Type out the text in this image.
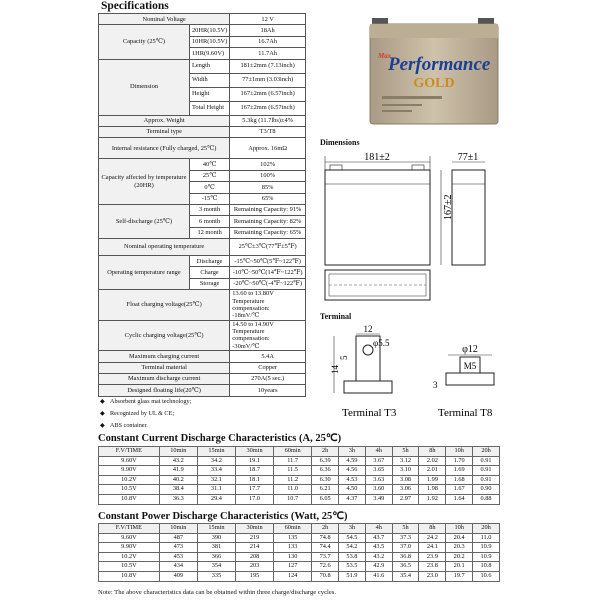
Specifications
Nominal Voltage		12 V
Capacity (25℃)	20HR(10.5V)	18Ah
	10HR(10.5V)	16.7Ah
	1HR(9.60V)	11.7Ah
Dimension	Length	181±2mm (7.13inch)
	Width	77±1mm (3.03inch)
	Height	167±2mm (6.57inch)
	Total Height	167±2mm (6.57inch)
Approx. Weight		5.3kg (11.7lbs)±4%
Terminal type		T3/T8
Internal resistance (Fully charged, 25℃)		Approx. 16mΩ
Capacity affected by temperature (20HR)	40℃	102%
	25℃	100%
	0℃	85%
	-15℃	65%
Self-discharge (25℃)	3 month	Remaining Capacity: 91%
	6 month	Remaining Capacity: 82%
	12 month	Remaining Capacity: 65%
Nominal operating temperature		25℃±3℃(77℉±5℉)
Operating temperature range	Discharge	-15℃~50℃(5℉~122℉)
	Charge	-10℃~50℃(14℉~122℉)
	Storage	-20℃~50℃(-4℉~122℉)
Float charging voltage(25℃)		13.60 to 13.80V
Temperature compensation:
-18mV/℃
Cyclic charging voltage(25℃)		14.50 to 14.90V
Temperature compensation:
-30mV/℃
Maximum charging current		5.4A
Terminal material		Copper
Maximum discharge current		270A(5 sec.)
Designed floating life(20℃)		10years
◆ Absorbent glass mat technology;
◆ Recognized by UL & CE;
◆ ABS container.
Max
Performance
GOLD
Dimensions
181±2	77±1
167±2
Terminal
12
φ5.5
14
5
Terminal T3
φ12
M5
3
Terminal T8
Constant Current Discharge Characteristics (A, 25℃)
F.V/TIME	10min	15min	30min	60min	2h	3h	4h	5h	8h	10h	20h
9.60V	43.2	34.2	19.1	11.7	6.39	4.59	3.67	3.12	2.02	1.70	0.91
9.90V	41.9	33.4	18.7	11.5	6.36	4.56	3.65	3.10	2.01	1.69	0.91
10.2V	40.2	32.1	18.1	11.2	6.30	4.53	3.63	3.08	1.99	1.68	0.91
10.5V	38.4	31.1	17.7	11.0	6.21	4.50	3.60	3.06	1.98	1.67	0.90
10.8V	36.3	29.4	17.0	10.7	6.05	4.37	3.49	2.97	1.92	1.64	0.88
Constant Power Discharge Characteristics (Watt, 25℃)
F.V/TIME	10min	15min	30min	60min	2h	3h	4h	5h	8h	10h	20h
9.60V	487	390	219	135	74.8	54.5	43.7	37.3	24.2	20.4	11.0
9.90V	473	381	214	133	74.4	54.2	43.5	37.0	24.1	20.3	10.9
10.2V	453	366	208	130	73.7	53.8	43.2	36.8	23.9	20.2	10.9
10.5V	434	354	203	127	72.6	53.5	42.9	36.5	23.8	20.1	10.8
10.8V	409	335	195	124	70.8	51.9	41.6	35.4	23.0	19.7	10.6
Note: The above characteristics data can be obtained within three charge/discharge cycles.
